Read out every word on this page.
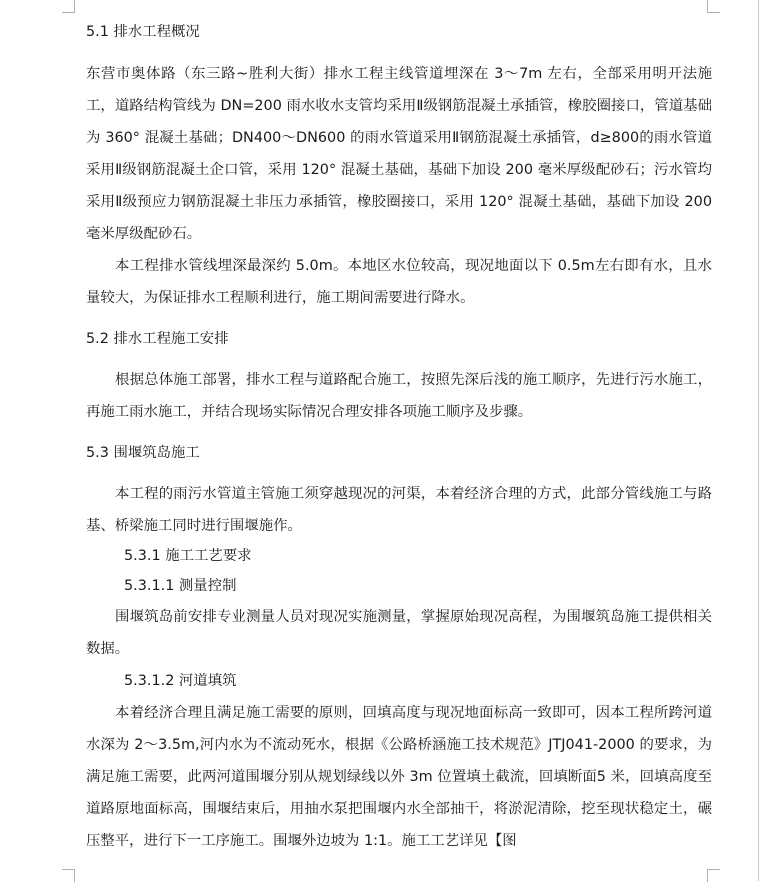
5.1 排水工程概况

东营市奥体路（东三路~胜利大街）排水工程主线管道埋深在 3～7m 左右，全部采用明开法施工，道路结构管线为 DN=200 雨水收水支管均采用Ⅱ级钢筋混凝土承插管，橡胶圈接口，管道基础为 360° 混凝土基础；DN400～DN600 的雨水管道采用Ⅱ钢筋混凝土承插管，d≥800的雨水管道采用Ⅱ级钢筋混凝土企口管，采用 120° 混凝土基础，基础下加设 200 毫米厚级配砂石；污水管均采用Ⅱ级预应力钢筋混凝土非压力承插管，橡胶圈接口，采用 120° 混凝土基础，基础下加设 200 毫米厚级配砂石。

本工程排水管线埋深最深约 5.0m。本地区水位较高，现况地面以下 0.5m左右即有水，且水量较大，为保证排水工程顺利进行，施工期间需要进行降水。

5.2 排水工程施工安排

根据总体施工部署，排水工程与道路配合施工，按照先深后浅的施工顺序，先进行污水施工，再施工雨水施工，并结合现场实际情况合理安排各项施工顺序及步骤。

5.3 围堰筑岛施工

本工程的雨污水管道主管施工须穿越现况的河渠，本着经济合理的方式，此部分管线施工与路基、桥梁施工同时进行围堰施作。

5.3.1 施工工艺要求

5.3.1.1 测量控制

围堰筑岛前安排专业测量人员对现况实施测量，掌握原始现况高程，为围堰筑岛施工提供相关数据。

5.3.1.2 河道填筑

本着经济合理且满足施工需要的原则，回填高度与现况地面标高一致即可，因本工程所跨河道水深为 2～3.5m,河内水为不流动死水，根据《公路桥涵施工技术规范》JTJ041-2000 的要求，为满足施工需要，此两河道围堰分别从规划绿线以外 3m 位置填土截流，回填断面5 米，回填高度至道路原地面标高，围堰结束后，用抽水泵把围堰内水全部抽干，将淤泥清除，挖至现状稳定土，碾压整平，进行下一工序施工。围堰外边坡为 1:1。施工工艺详见【图
